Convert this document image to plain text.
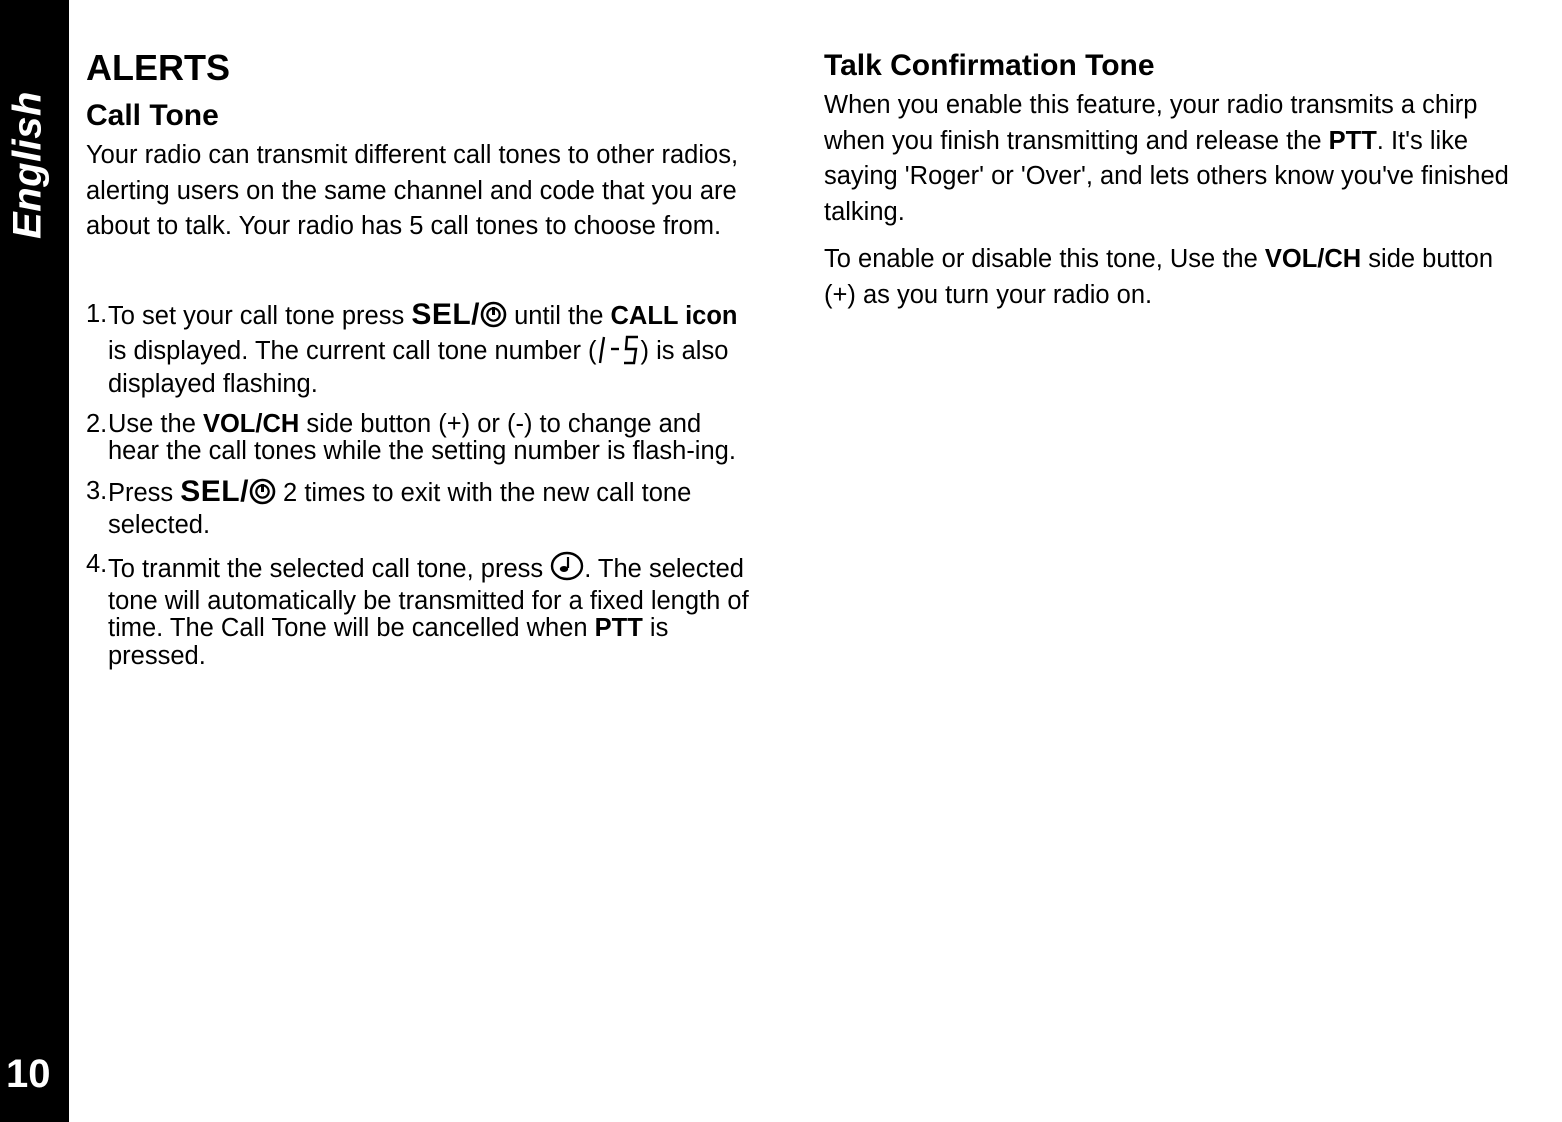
English
10
ALERTS
Call Tone

Your radio can transmit different call tones to other radios, alerting users on the same channel and code that you are about to talk. Your radio has 5 call tones to choose from.

1. To set your call tone press SEL/ until the CALL icon is displayed. The current call tone number ( ) is also displayed flashing.
2. Use the VOL/CH side button (+) or (-) to change and hear the call tones while the setting number is flash-ing.
3. Press SEL/ 2 times to exit with the new call tone selected.
4. To tranmit the selected call tone, press . The selected tone will automatically be transmitted for a fixed length of time. The Call Tone will be cancelled when PTT is pressed.
Talk Confirmation Tone

When you enable this feature, your radio transmits a chirp when you finish transmitting and release the PTT. It's like saying 'Roger' or 'Over', and lets others know you've finished talking.

To enable or disable this tone, Use the VOL/CH side button (+) as you turn your radio on.
